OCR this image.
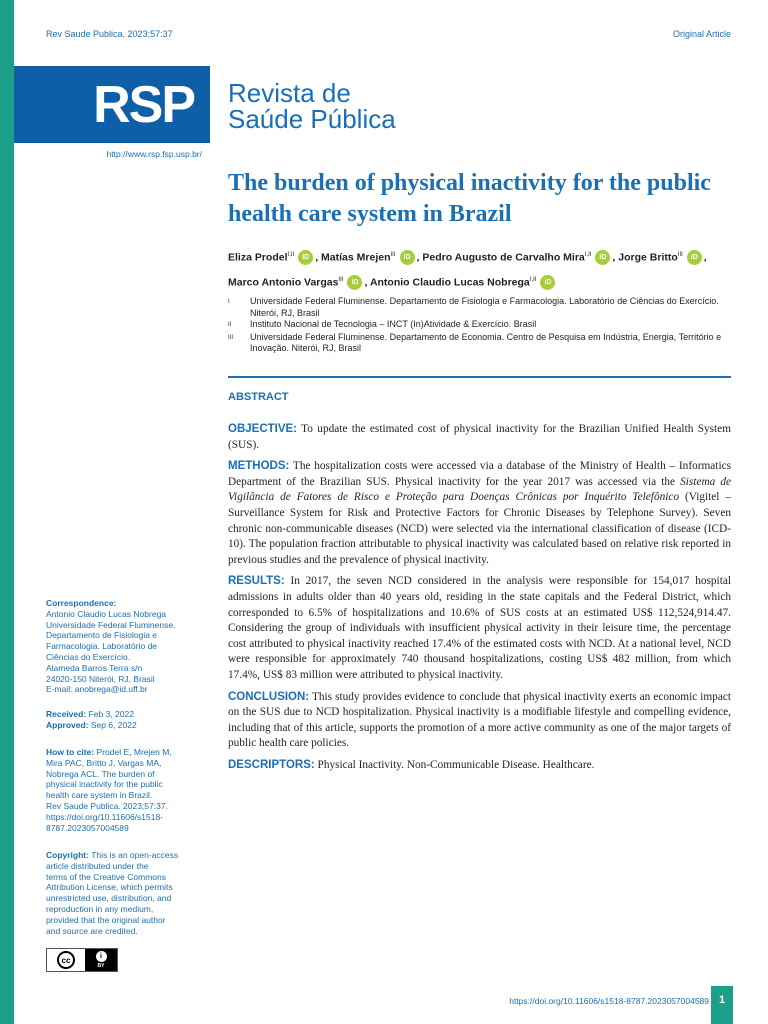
Rev Saude Publica. 2023;57:37	Original Article
RSP Revista de
Saúde Pública
http://www.rsp.fsp.usp.br/
The burden of physical inactivity for the public health care system in Brazil
Eliza Prodel$^{I,II}$ iD , Matías Mrejen$^{III}$ iD , Pedro Augusto de Carvalho Mira$^{I,II}$ iD , Jorge Britto$^{III}$ iD ,
Marco Antonio Vargas$^{III}$ iD , Antonio Claudio Lucas Nobrega$^{I,II}$ iD
I	Universidade Federal Fluminense. Departamento de Fisiologia e Farmacologia. Laboratório de Ciências do Exercício. Niterói, RJ, Brasil
II	Instituto Nacional de Tecnologia – INCT (In)Atividade & Exercício. Brasil
III	Universidade Federal Fluminense. Departamento de Economia. Centro de Pesquisa em Indústria, Energia, Território e Inovação. Niterói, RJ, Brasil
ABSTRACT

OBJECTIVE: To update the estimated cost of physical inactivity for the Brazilian Unified Health System (SUS).

METHODS: The hospitalization costs were accessed via a database of the Ministry of Health – Informatics Department of the Brazilian SUS. Physical inactivity for the year 2017 was accessed via the Sistema de Vigilância de Fatores de Risco e Proteção para Doenças Crônicas por Inquérito Telefônico (Vigitel – Surveillance System for Risk and Protective Factors for Chronic Diseases by Telephone Survey). Seven chronic non-communicable diseases (NCD) were selected via the international classification of disease (ICD-10). The population fraction attributable to physical inactivity was calculated based on relative risk reported in previous studies and the prevalence of physical inactivity.

RESULTS: In 2017, the seven NCD considered in the analysis were responsible for 154,017 hospital admissions in adults older than 40 years old, residing in the state capitals and the Federal District, which corresponded to 6.5% of hospitalizations and 10.6% of SUS costs at an estimated US$ 112,524,914.47. Considering the group of individuals with insufficient physical activity in their leisure time, the percentage cost attributed to physical inactivity reached 17.4% of the estimated costs with NCD. At a national level, NCD were responsible for approximately 740 thousand hospitalizations, costing US$ 482 million, from which 17.4%, US$ 83 million were attributed to physical inactivity.

CONCLUSION: This study provides evidence to conclude that physical inactivity exerts an economic impact on the SUS due to NCD hospitalization. Physical inactivity is a modifiable lifestyle and compelling evidence, including that of this article, supports the promotion of a more active community as one of the major targets of public health care policies.

DESCRIPTORS: Physical Inactivity. Non-Communicable Disease. Healthcare.

Correspondence:
Antonio Claudio Lucas Nobrega
Universidade Federal Fluminense.
Departamento de Fisiologia e
Farmacologia. Laboratório de
Ciências do Exercício.
Alameda Barros Terra s/n
24020-150 Niterói, RJ, Brasil
E-mail: anobrega@id.uff.br
Received: Feb 3, 2022
Approved: Sep 6, 2022
How to cite: Prodel E, Mrejen M,
Mira PAC, Britto J, Vargas MA,
Nobrega ACL. The burden of
physical inactivity for the public
health care system in Brazil.
Rev Saude Publica. 2023;57:37.
https://doi.org/10.11606/s1518-
8787.2023057004589
Copyright: This is an open-access
article distributed under the
terms of the Creative Commons
Attribution License, which permits
unrestricted use, distribution, and
reproduction in any medium,
provided that the original author
and source are credited.
cc	i
BY
https://doi.org/10.11606/s1518-8787.2023057004589 1
